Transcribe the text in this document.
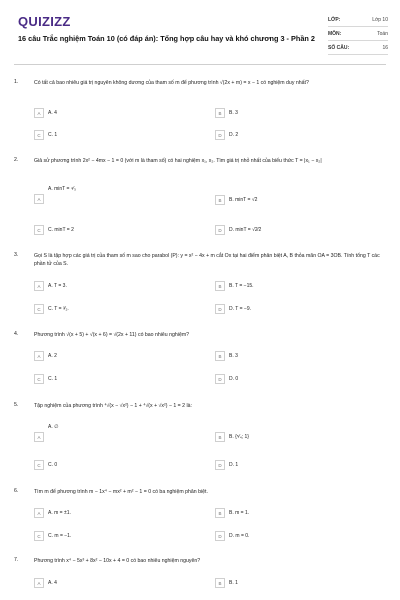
QUIZIZZ
16 câu Trắc nghiệm Toán 10 (có đáp án): Tổng hợp câu hay và khó chương 3 - Phần 2
LỚP:	Lớp 10
MÔN:	Toán
SỐ CÂU:	16
1.	Có tất cả bao nhiêu giá trị nguyên không dương của tham số m để phương trình √(2x + m) = x − 1 có nghiệm duy nhất?
A	A. 4	B	B. 3
C	C. 1	D	D. 2
2.	Giả sử phương trình 2x² − 4mx − 1 = 0 (với m là tham số) có hai nghiệm x₁, x₂. Tìm giá trị nhỏ nhất của biểu thức T = |x₁ − x₂|
A
A. minT = ⁴⁄₃
B	B. minT = √2
C	C. minT = 2	D	D. minT = √2⁄2
3.	Gọi S là tập hợp các giá trị của tham số m sao cho parabol (P): y = x² − 4x + m cắt Ox tại hai điểm phân biệt A, B thỏa mãn OA = 3OB. Tính tổng T các phần tử của S.
A	A. T = 3.	B	B. T = −15.
C	C. T = ³⁄₂.	D	D. T = −9.
4.	Phương trình √(x + 5) + √(x + 6) = √(2x + 11) có bao nhiêu nghiệm?
A	A. 2	B	B. 3
C	C. 1	D	D. 0
5.	Tập nghiệm của phương trình ⁴√(x − √x²) − 1 + ⁴√(x + √x²) − 1 = 2 là:
A
A. ∅
B	B. {⁵⁄₄; 1}
C	C. 0	D	D. 1
6.	Tìm m để phương trình m − 1x⁴ − mx² + m² − 1 = 0 có ba nghiệm phân biệt.
A	A. m = ±1.	B	B. m = 1.
C	C. m = −1.	D	D. m = 0.
7.	Phương trình x⁴ − 5x³ + 8x² − 10x + 4 = 0 có bao nhiêu nghiệm nguyên?
A	A. 4	B	B. 1
